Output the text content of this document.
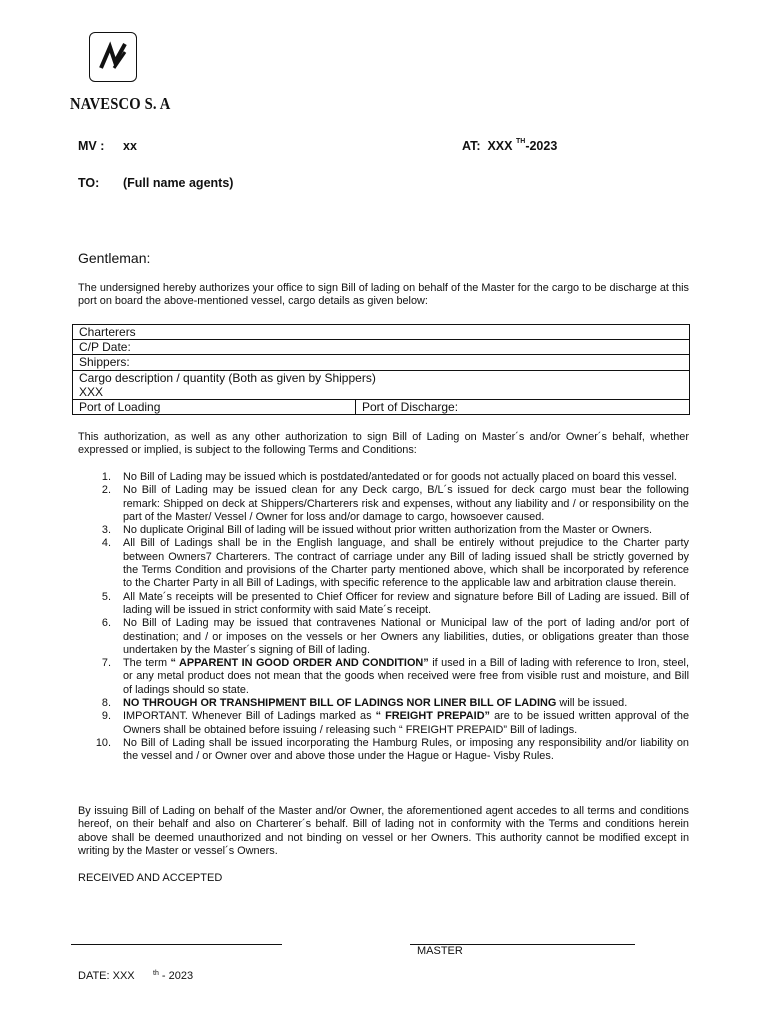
NAVESCO S. A
MV : xx	AT: XXX $^{TH}$-2023
TO: (Full name agents)
Gentleman:

The undersigned hereby authorizes your office to sign Bill of lading on behalf of the Master for the cargo to be discharge at this port on board the above-mentioned vessel, cargo details as given below:

Charterers
C/P Date:
Shippers:

Cargo description / quantity (Both as given by Shippers)
XXX

Port of Loading	Port of Discharge:

This authorization, as well as any other authorization to sign Bill of Lading on Master´s and/or Owner´s behalf, whether expressed or implied, is subject to the following Terms and Conditions:

1. No Bill of Lading may be issued which is postdated/antedated or for goods not actually placed on board this vessel.
2. No Bill of Lading may be issued clean for any Deck cargo, B/L´s issued for deck cargo must bear the following remark: Shipped on deck at Shippers/Charterers risk and expenses, without any liability and / or responsibility on the part of the Master/ Vessel / Owner for loss and/or damage to cargo, howsoever caused.
3. No duplicate Original Bill of lading will be issued without prior written authorization from the Master or Owners.
4. All Bill of Ladings shall be in the English language, and shall be entirely without prejudice to the Charter party between Owners7 Charterers. The contract of carriage under any Bill of lading issued shall be strictly governed by the Terms Condition and provisions of the Charter party mentioned above, which shall be incorporated by reference to the Charter Party in all Bill of Ladings, with specific reference to the applicable law and arbitration clause therein.
5. All Mate´s receipts will be presented to Chief Officer for review and signature before Bill of Lading are issued. Bill of lading will be issued in strict conformity with said Mate´s receipt.
6. No Bill of Lading may be issued that contravenes National or Municipal law of the port of lading and/or port of destination; and / or imposes on the vessels or her Owners any liabilities, duties, or obligations greater than those undertaken by the Master´s signing of Bill of lading.
7. The term “ APPARENT IN GOOD ORDER AND CONDITION” if used in a Bill of lading with reference to Iron, steel, or any metal product does not mean that the goods when received were free from visible rust and moisture, and Bill of ladings should so state.
8. NO THROUGH OR TRANSHIPMENT BILL OF LADINGS NOR LINER BILL OF LADING will be issued.
9. IMPORTANT. Whenever Bill of Ladings marked as “ FREIGHT PREPAID” are to be issued written approval of the Owners shall be obtained before issuing / releasing such “ FREIGHT PREPAID” Bill of ladings.
10. No Bill of Lading shall be issued incorporating the Hamburg Rules, or imposing any responsibility and/or liability on the vessel and / or Owner over and above those under the Hague or Hague- Visby Rules.

By issuing Bill of Lading on behalf of the Master and/or Owner, the aforementioned agent accedes to all terms and conditions hereof, on their behalf and also on Charterer´s behalf. Bill of lading not in conformity with the Terms and conditions herein above shall be deemed unauthorized and not binding on vessel or her Owners. This authority cannot be modified except in writing by the Master or vessel´s Owners.

RECEIVED AND ACCEPTED
MASTER
DATE: XXX	$^{th}$ - 2023
